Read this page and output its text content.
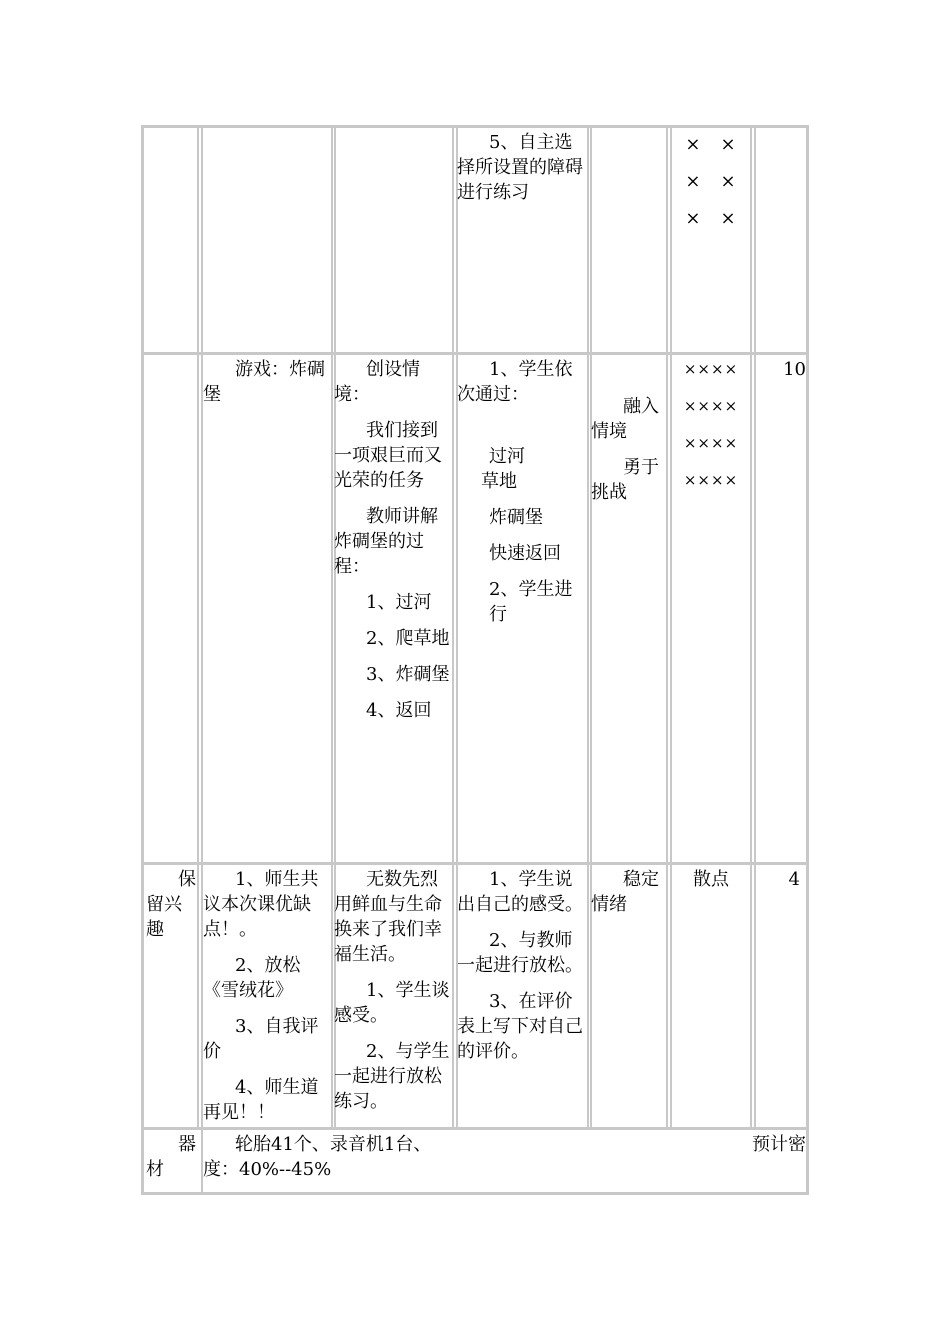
5、自主选择所设置的障碍进行练习

×　×
×　×
×　×

游戏：炸碉堡

创设情境：

我们接到一项艰巨而又光荣的任务

教师讲解炸碉堡的过程：

1、过河

2、爬草地

3、炸碉堡

4、返回

1、学生依次通过：

过河

草地

炸碉堡

快速返回

2、学生进行

融入情境

勇于挑战

××××
××××
××××
××××
10

保留兴趣

1、师生共议本次课优缺点！。

2、放松《雪绒花》

3、自我评价

4、师生道再见！！

无数先烈用鲜血与生命换来了我们幸福生活。

1、学生谈感受。

2、与学生一起进行放松练习。

1、学生说出自己的感受。

2、与教师一起进行放松。

3、在评价表上写下对自己的评价。

稳定情绪

散点	4

器材

轮胎41个、录音机1台、	预计密
度：40%--45%
